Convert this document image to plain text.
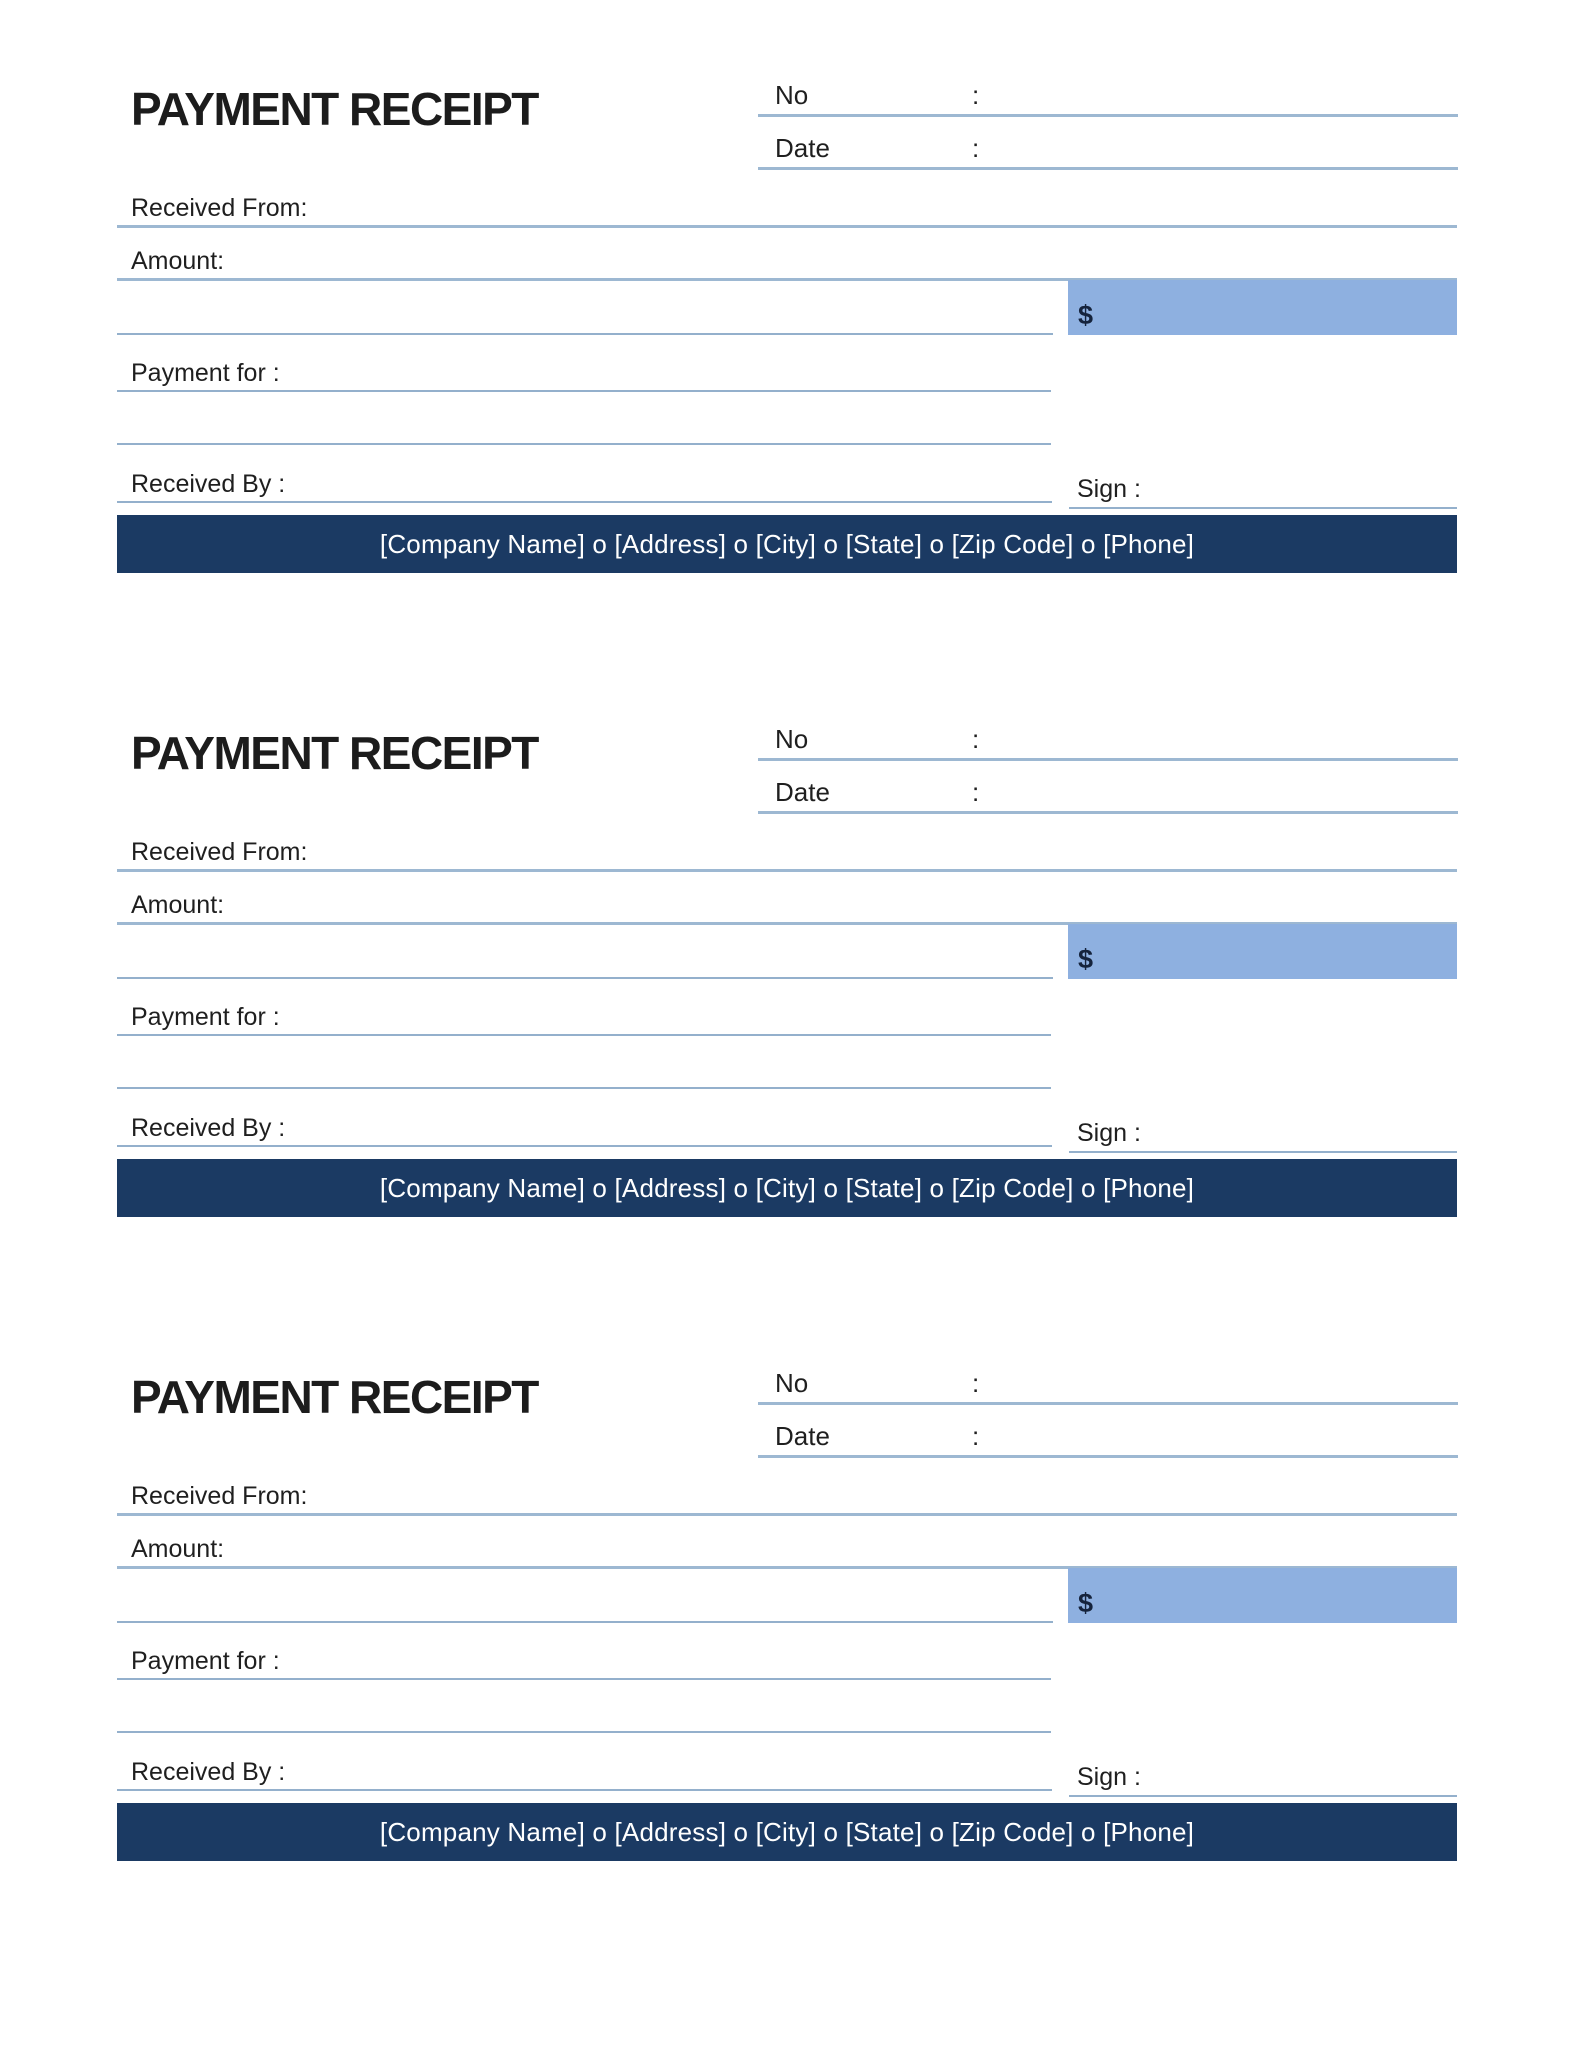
PAYMENT RECEIPT	No	:
Date	:
Received From:
Amount:
$
Payment for :
Received By :	Sign :
[Company Name] o [Address] o [City] o [State] o [Zip Code] o [Phone]
PAYMENT RECEIPT	No	:
Date	:
Received From:
Amount:
$
Payment for :
Received By :	Sign :
[Company Name] o [Address] o [City] o [State] o [Zip Code] o [Phone]
PAYMENT RECEIPT	No	:
Date	:
Received From:
Amount:
$
Payment for :
Received By :	Sign :
[Company Name] o [Address] o [City] o [State] o [Zip Code] o [Phone]
